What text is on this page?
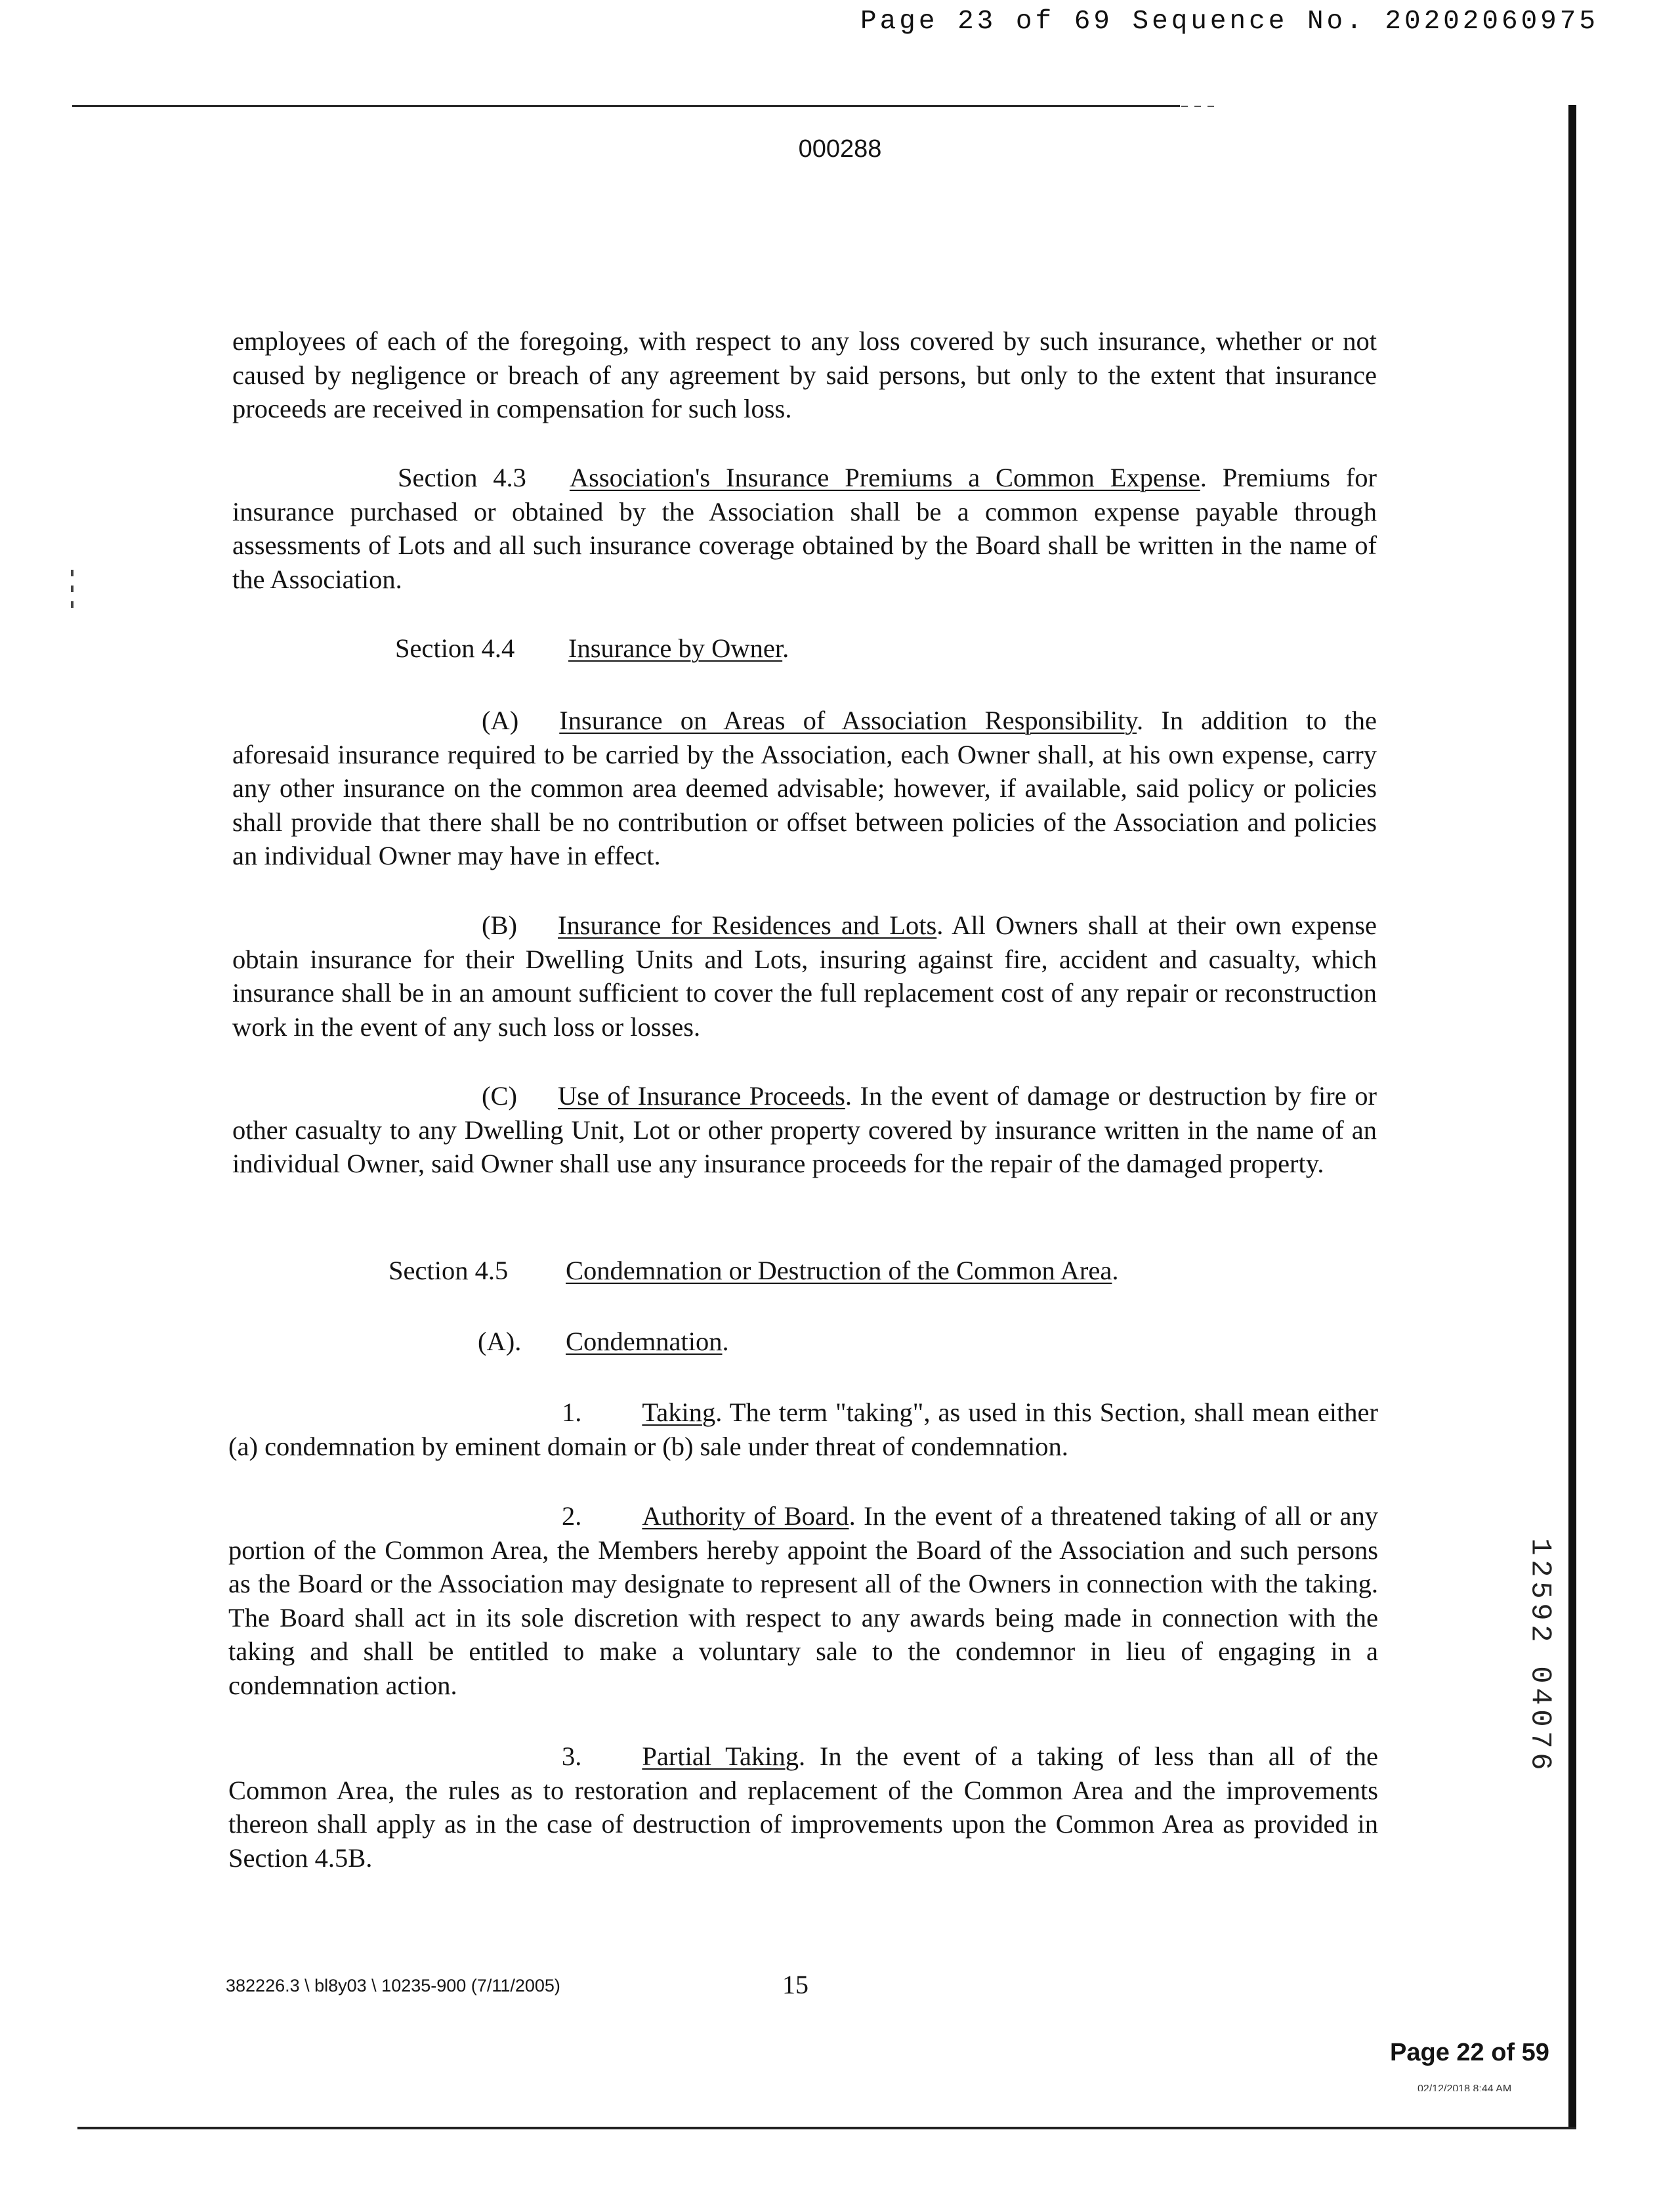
Page 23 of 69 Sequence No. 20202060975
000288
employees of each of the foregoing, with respect to any loss covered by such insurance, whether or not caused by negligence or breach of any agreement by said persons, but only to the extent that insurance proceeds are received in compensation for such loss.
Section 4.3 Association's Insurance Premiums a Common Expense. Premiums for insurance purchased or obtained by the Association shall be a common expense payable through assessments of Lots and all such insurance coverage obtained by the Board shall be written in the name of the Association.
Section 4.4 Insurance by Owner.
(A) Insurance on Areas of Association Responsibility. In addition to the aforesaid insurance required to be carried by the Association, each Owner shall, at his own expense, carry any other insurance on the common area deemed advisable; however, if available, said policy or policies shall provide that there shall be no contribution or offset between policies of the Association and policies an individual Owner may have in effect.
(B) Insurance for Residences and Lots. All Owners shall at their own expense obtain insurance for their Dwelling Units and Lots, insuring against fire, accident and casualty, which insurance shall be in an amount sufficient to cover the full replacement cost of any repair or reconstruction work in the event of any such loss or losses.
(C) Use of Insurance Proceeds. In the event of damage or destruction by fire or other casualty to any Dwelling Unit, Lot or other property covered by insurance written in the name of an individual Owner, said Owner shall use any insurance proceeds for the repair of the damaged property.
Section 4.5 Condemnation or Destruction of the Common Area.
(A). Condemnation.
1. Taking. The term "taking", as used in this Section, shall mean either (a) condemnation by eminent domain or (b) sale under threat of condemnation.
2. Authority of Board. In the event of a threatened taking of all or any portion of the Common Area, the Members hereby appoint the Board of the Association and such persons as the Board or the Association may designate to represent all of the Owners in connection with the taking. The Board shall act in its sole discretion with respect to any awards being made in connection with the taking and shall be entitled to make a voluntary sale to the condemnor in lieu of engaging in a condemnation action.
3. Partial Taking. In the event of a taking of less than all of the Common Area, the rules as to restoration and replacement of the Common Area and the improvements thereon shall apply as in the case of destruction of improvements upon the Common Area as provided in Section 4.5B.
1
2
5
9
2
0
4
0
7
6
382226.3 \ bl8y03 \ 10235-900 (7/11/2005)	15
Page 22 of 59
02/12/2018 8:44 AM
